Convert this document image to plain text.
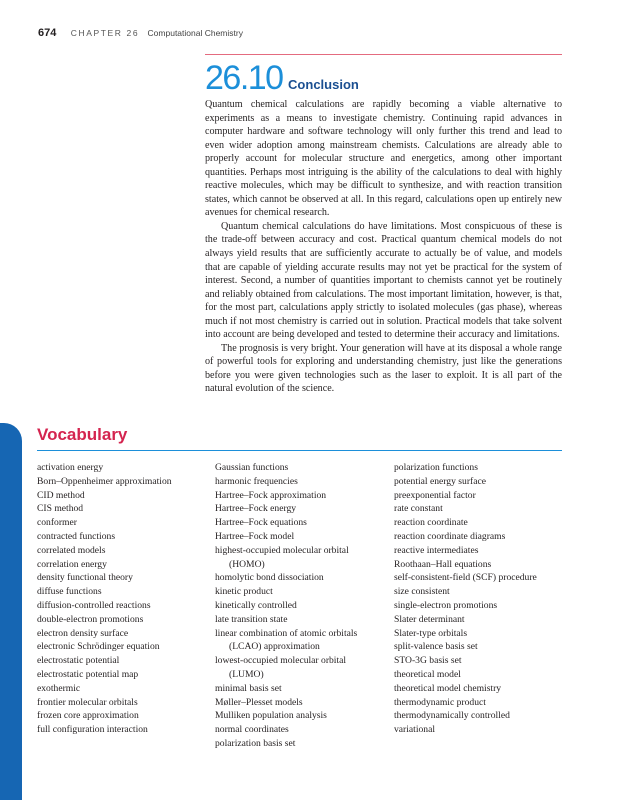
674 CHAPTER 26 Computational Chemistry
26.10 Conclusion

Quantum chemical calculations are rapidly becoming a viable alternative to experiments as a means to investigate chemistry. Continuing rapid advances in computer hardware and software technology will only further this trend and lead to even wider adoption among mainstream chemists. Calculations are already able to properly account for molecular structure and energetics, among other important quantities. Perhaps most intriguing is the ability of the calculations to deal with highly reactive molecules, which may be difficult to synthesize, and with reaction transition states, which cannot be observed at all. In this regard, calculations open up entirely new avenues for chemical research.

Quantum chemical calculations do have limitations. Most conspicuous of these is the trade-off between accuracy and cost. Practical quantum chemical models do not always yield results that are sufficiently accurate to actually be of value, and models that are capable of yielding accurate results may not yet be practical for the system of interest. Second, a number of quantities important to chemists cannot yet be routinely and reliably obtained from calculations. The most important limitation, however, is that, for the most part, calculations apply strictly to isolated molecules (gas phase), whereas much if not most chemistry is carried out in solution. Practical models that take solvent into account are being developed and tested to determine their accuracy and limitations.

The prognosis is very bright. Your generation will have at its disposal a whole range of powerful tools for exploring and understanding chemistry, just like the generations before you were given technologies such as the laser to exploit. It is all part of the natural evolution of the science.

Vocabulary
activation energy
Born–Oppenheimer approximation
CID method
CIS method
conformer
contracted functions
correlated models
correlation energy
density functional theory
diffuse functions
diffusion-controlled reactions
double-electron promotions
electron density surface
electronic Schrödinger equation
electrostatic potential
electrostatic potential map
exothermic
frontier molecular orbitals
frozen core approximation
full configuration interaction
Gaussian functions
harmonic frequencies
Hartree–Fock approximation
Hartree–Fock energy
Hartree–Fock equations
Hartree–Fock model
highest-occupied molecular orbital
(HOMO)
homolytic bond dissociation
kinetic product
kinetically controlled
late transition state
linear combination of atomic orbitals
(LCAO) approximation
lowest-occupied molecular orbital
(LUMO)
minimal basis set
Møller–Plesset models
Mulliken population analysis
normal coordinates
polarization basis set
polarization functions
potential energy surface
preexponential factor
rate constant
reaction coordinate
reaction coordinate diagrams
reactive intermediates
Roothaan–Hall equations
self-consistent-field (SCF) procedure
size consistent
single-electron promotions
Slater determinant
Slater-type orbitals
split-valence basis set
STO-3G basis set
theoretical model
theoretical model chemistry
thermodynamic product
thermodynamically controlled
variational
